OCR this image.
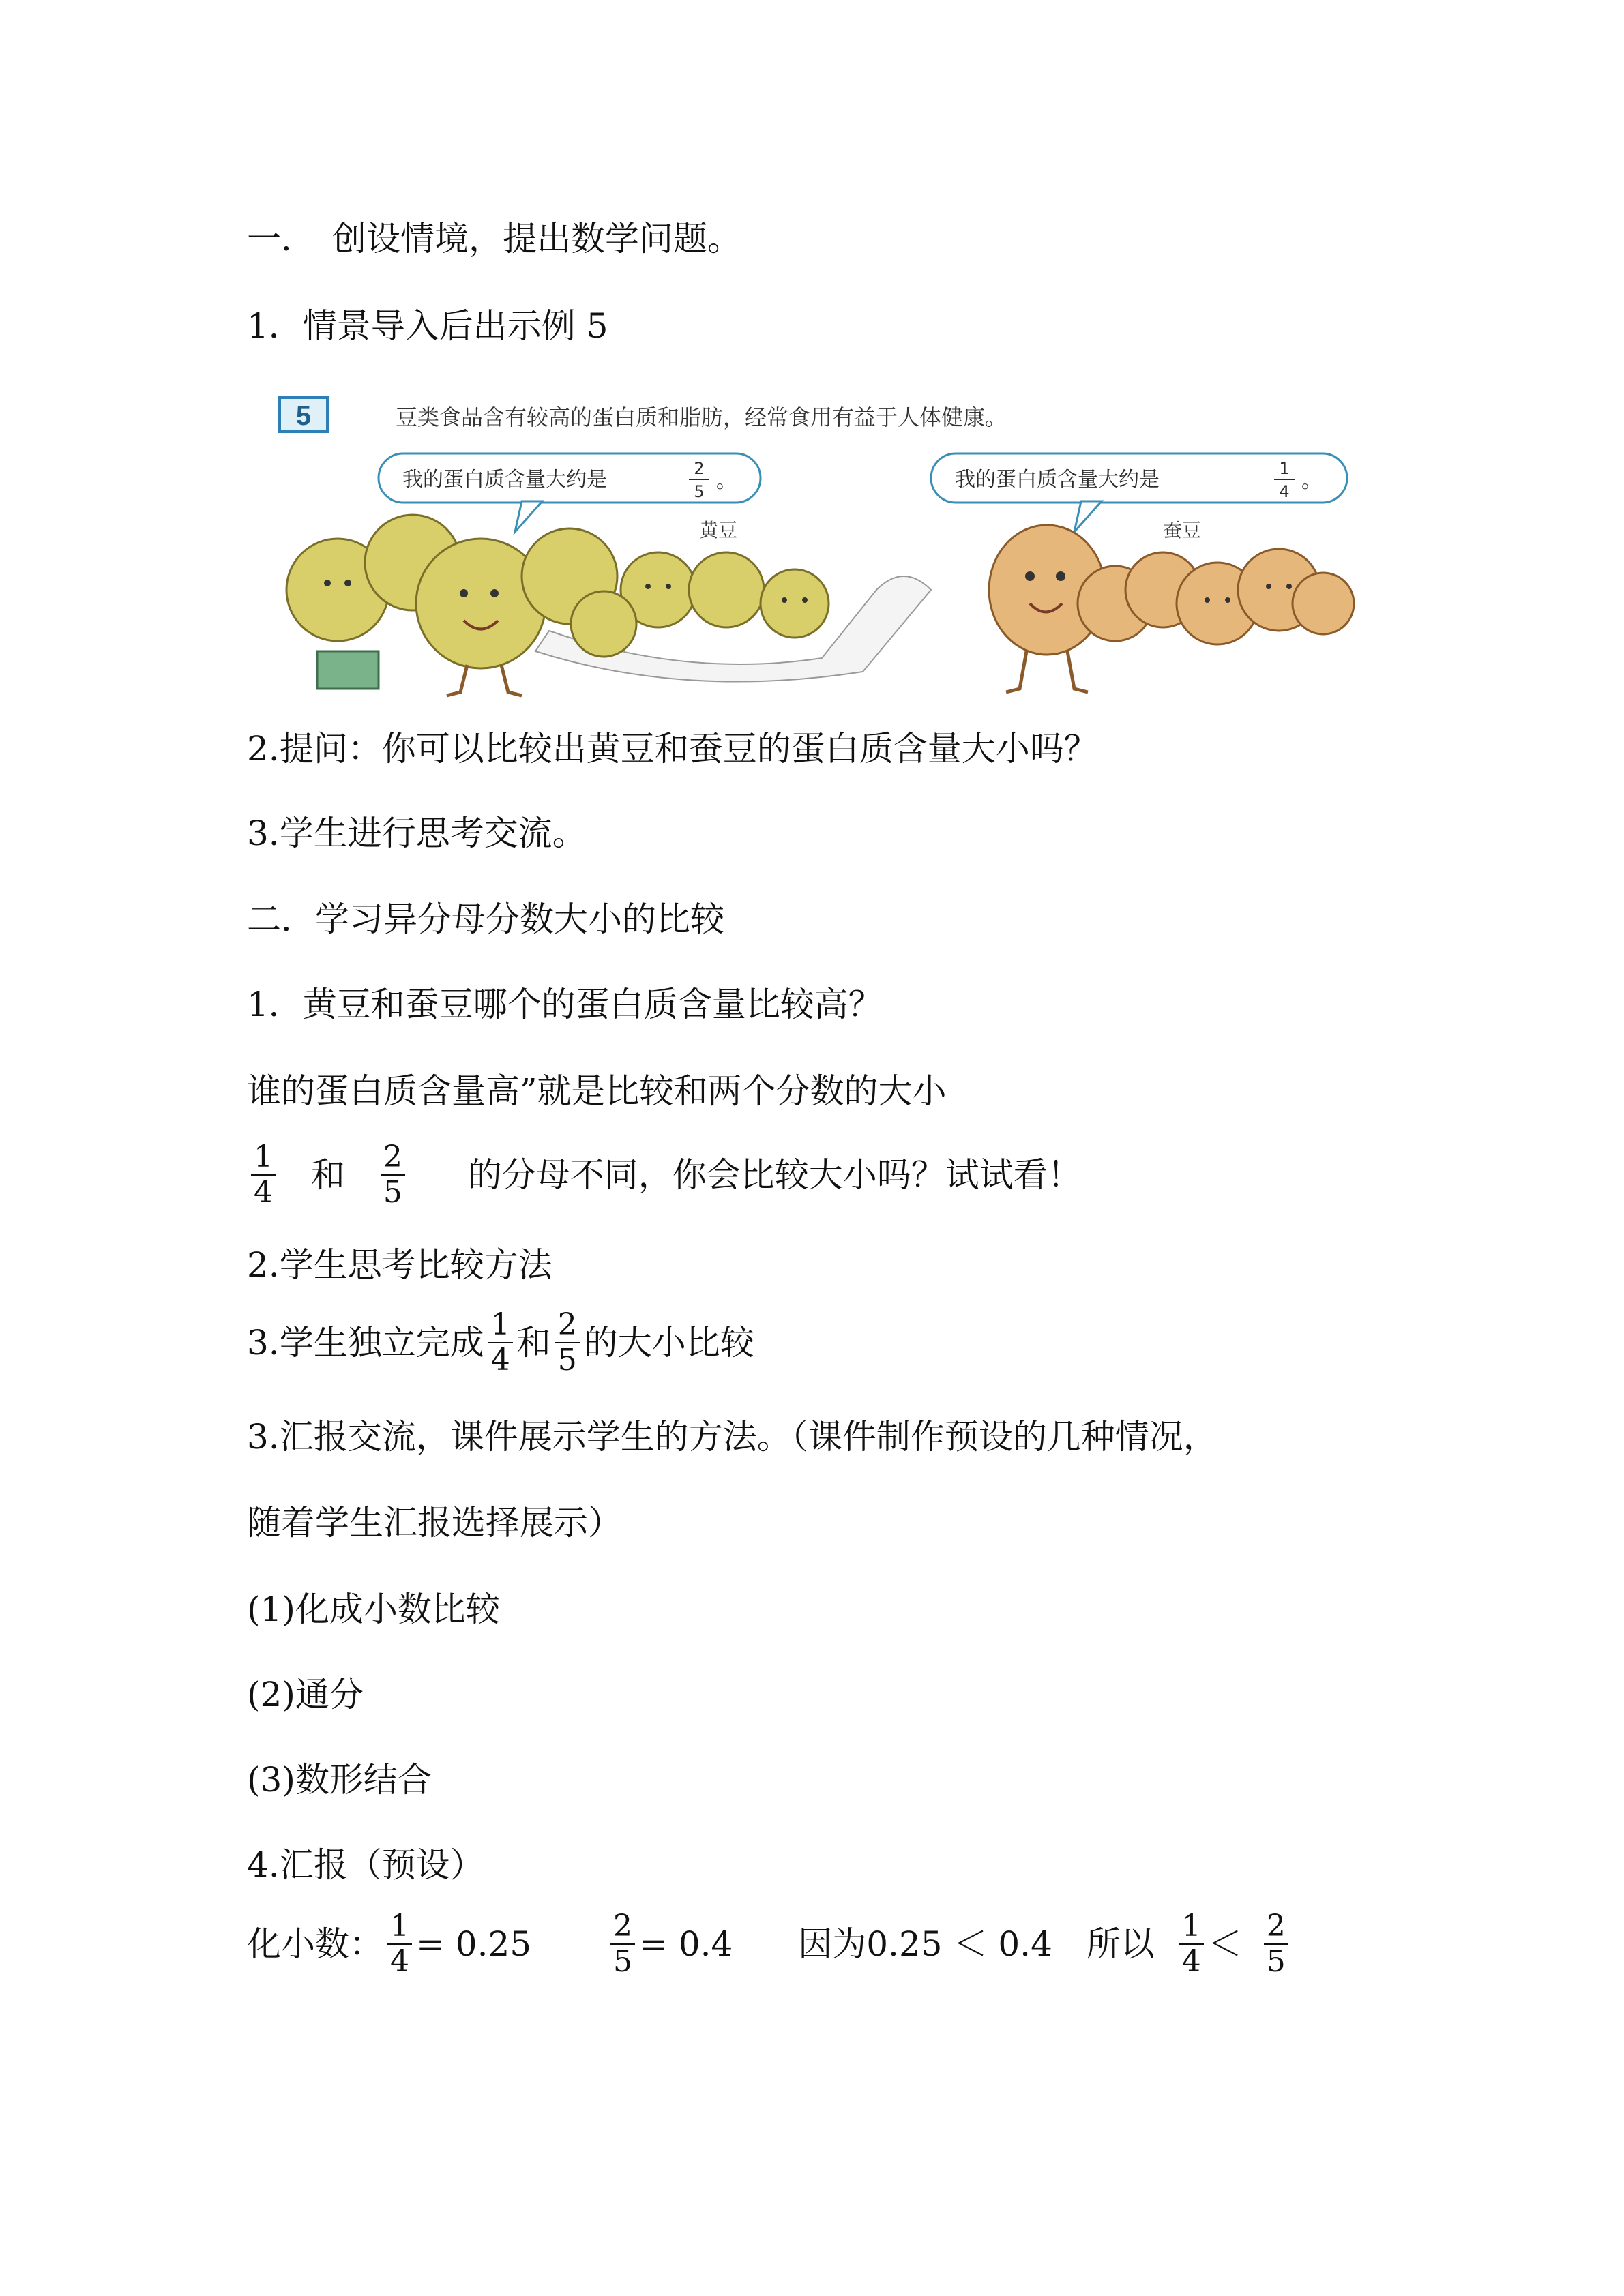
一．　创设情境，提出数学问题。
1．情景导入后出示例 5
5	豆类食品含有较高的蛋白质和脂肪，经常食用有益于人体健康。
我的蛋白质含量大约是	2
5 。	我的蛋白质含量大约是	1
4 。
黄豆	蚕豆
2.提问：你可以比较出黄豆和蚕豆的蛋白质含量大小吗？
3.学生进行思考交流。
二．学习异分母分数大小的比较
1．黄豆和蚕豆哪个的蛋白质含量比较高？
谁的蛋白质含量高”就是比较和两个分数的大小
$\frac{1}{4}$ 和 $\frac{2}{5}$ 的分母不同，你会比较大小吗？试试看！
2.学生思考比较方法
3.学生独立完成 $\frac{1}{4}$ 和 $\frac{2}{5}$ 的大小比较
3.汇报交流，课件展示学生的方法。（课件制作预设的几种情况，
随着学生汇报选择展示）
(1)化成小数比较
(2)通分
(3)数形结合
4.汇报（预设）
化小数： $\frac{1}{4} = 0.25$	$\frac{2}{5} = 0.4$ 因为0.25 ＜ 0.4　所以 $\frac{1}{4} < \frac{2}{5}$
